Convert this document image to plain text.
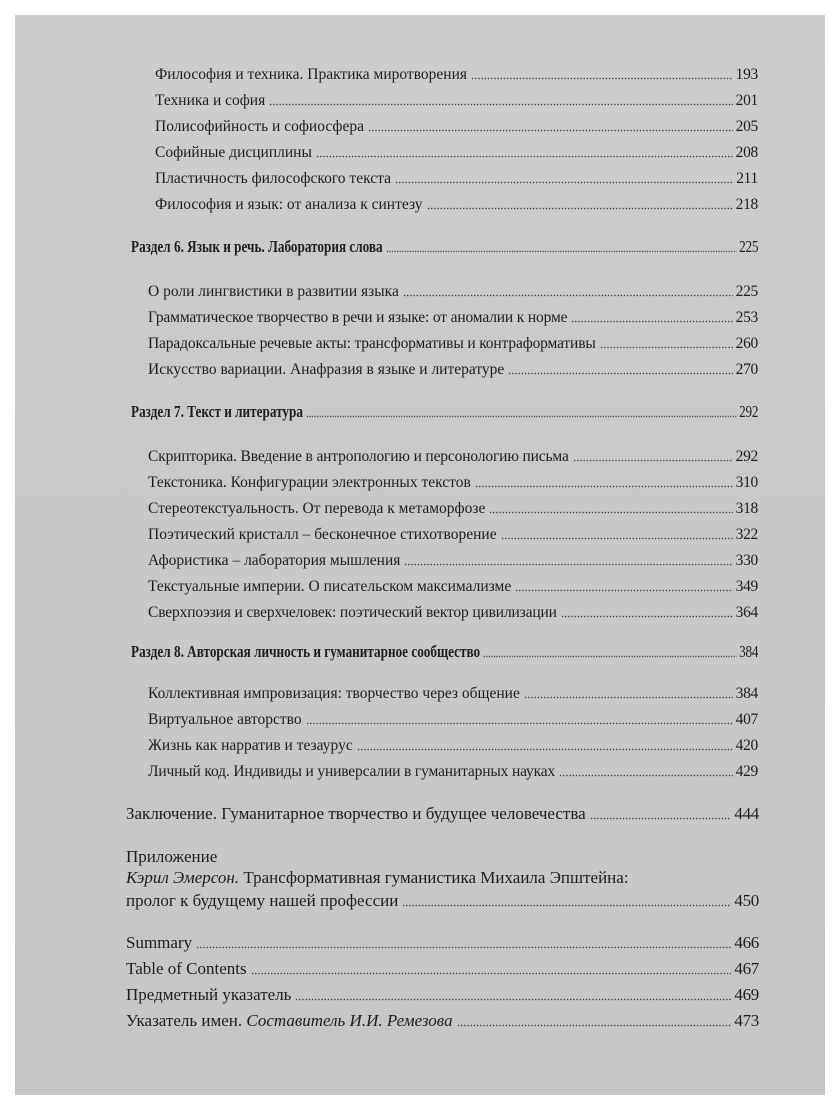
Философия и техника. Практика миротворения	193
Техника и софия	201
Полисофийность и софиосфера	205
Софийные дисциплины	208
Пластичность философского текста	211
Философия и язык: от анализа к синтезу	218
Раздел 6. Язык и речь. Лаборатория слова	225
О роли лингвистики в развитии языка	225
Грамматическое творчество в речи и языке: от аномалии к норме	253
Парадоксальные речевые акты: трансформативы и контраформативы	260
Искусство вариации. Анафразия в языке и литературе	270
Раздел 7. Текст и литература	292
Скрипторика. Введение в антропологию и персонологию письма	292
Текстоника. Конфигурации электронных текстов	310
Стереотекстуальность. От перевода к метаморфозе	318
Поэтический кристалл – бесконечное стихотворение	322
Афористика – лаборатория мышления	330
Текстуальные империи. О писательском максимализме	349
Сверхпоэзия и сверхчеловек: поэтический вектор цивилизации	364
Раздел 8. Авторская личность и гуманитарное сообщество	384
Коллективная импровизация: творчество через общение	384
Виртуальное авторство	407
Жизнь как нарратив и тезаурус	420
Личный код. Индивиды и универсалии в гуманитарных науках	429
Заключение. Гуманитарное творчество и будущее человечества	444
Приложение
Кэрил Эмерсон. Трансформативная гуманистика Михаила Эпштейна:
пролог к будущему нашей профессии	450
Summary	466
Table of Contents	467
Предметный указатель	469
Указатель имен. Составитель И.И. Ремезова	473
